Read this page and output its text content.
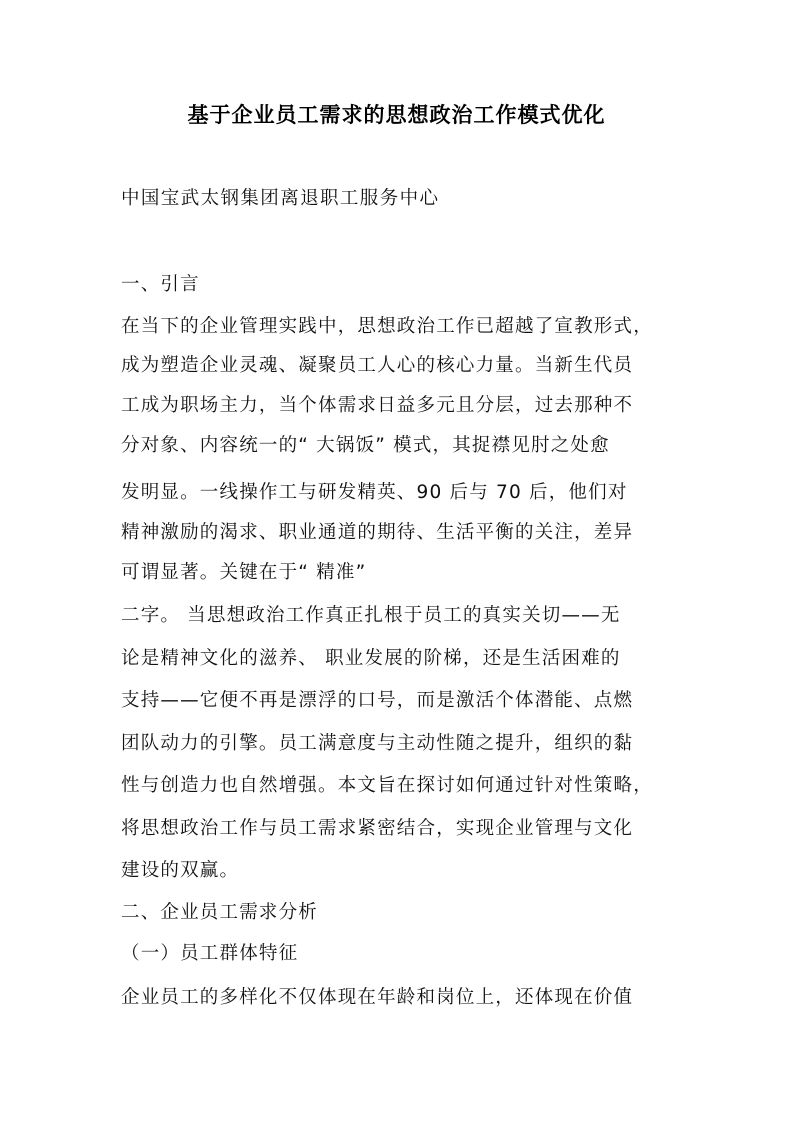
基于企业员工需求的思想政治工作模式优化
中国宝武太钢集团离退职工服务中心
一、引言
在当下的企业管理实践中，思想政治工作已超越了宣教形式，
成为塑造企业灵魂、凝聚员工人心的核心力量。当新生代员
工成为职场主力，当个体需求日益多元且分层，过去那种不
分对象、内容统一的“ 大锅饭” 模式，其捉襟见肘之处愈
发明显。一线操作工与研发精英、90 后与 70 后，他们对
精神激励的渴求、职业通道的期待、生活平衡的关注，差异
可谓显著。关键在于“ 精准”
二字。 当思想政治工作真正扎根于员工的真实关切——无
论是精神文化的滋养、 职业发展的阶梯，还是生活困难的
支持——它便不再是漂浮的口号，而是激活个体潜能、点燃
团队动力的引擎。员工满意度与主动性随之提升，组织的黏
性与创造力也自然增强。本文旨在探讨如何通过针对性策略，
将思想政治工作与员工需求紧密结合，实现企业管理与文化
建设的双赢。
二、企业员工需求分析
（一）员工群体特征
企业员工的多样化不仅体现在年龄和岗位上，还体现在价值
